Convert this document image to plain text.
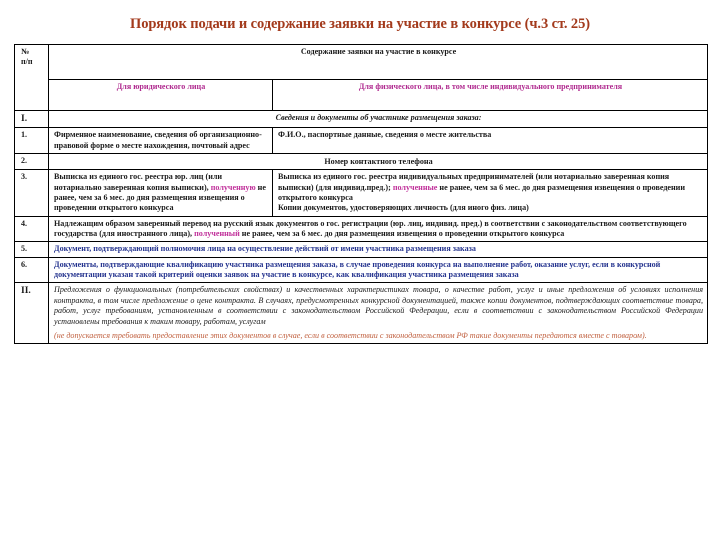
Порядок подачи и содержание заявки на участие в конкурсе (ч.3 ст. 25)
№
п/п	Содержание заявки на участие в конкурсе	
	Для юридического лица	Для физического лица, в том числе индивидуального предпринимателя
I.	Сведения и документы об участнике размещения заказа:	
1.	Фирменное наименование, сведения об организационно-правовой форме о месте нахождения, почтовый адрес	Ф.И.О., паспортные данные, сведения о месте жительства
2.	Номер контактного телефона	
3.	Выписка из единого гос. реестра юр. лиц (или нотариально заверенная копия выписки), полученную не ранее, чем за 6 мес. до дня размещения извещения о проведении открытого конкурса	Выписка из единого гос. реестра индивидуальных предпринимателей (или нотариально заверенная копия выписки) (для индивид.пред.); полученные не ранее, чем за 6 мес. до дня размещения извещения о проведении открытого конкурса
Копии документов, удостоверяющих личность (для иного физ. лица)
4.	Надлежащим образом заверенный перевод на русский язык документов о гос. регистрации (юр. лиц, индивид. пред.) в соответствии с законодательством соответствующего государства (для иностранного лица), полученный не ранее, чем за 6 мес. до дня размещения извещения о проведении открытого конкурса	
5.	Документ, подтверждающий полномочия лица на осуществление действий от имени участника размещения заказа	
6.	Документы, подтверждающие квалификацию участника размещения заказа, в случае проведения конкурса на выполнение работ, оказание услуг, если в конкурсной документации указан такой критерий оценки заявок на участие в конкурсе, как квалификация участника размещения заказа	
II.	Предложения о функциональных (потребительских свойствах) и качественных характеристиках товара, о качестве работ, услуг и иные предложения об условиях исполнения контракта, в том числе предложение о цене контракта. В случаях, предусмотренных конкурсной документацией, также копии документов, подтверждающих соответствие товара, работ, услуг требованиям, установленным в соответствии с законодательством Российской Федерации, если в соответствии с законодательством Российской Федерации установлены требования к таким товару, работам, услугам
(не допускается требовать предоставление этих документов в случае, если в соответствии с законодательством РФ такие документы передаются вместе с товаром).	
